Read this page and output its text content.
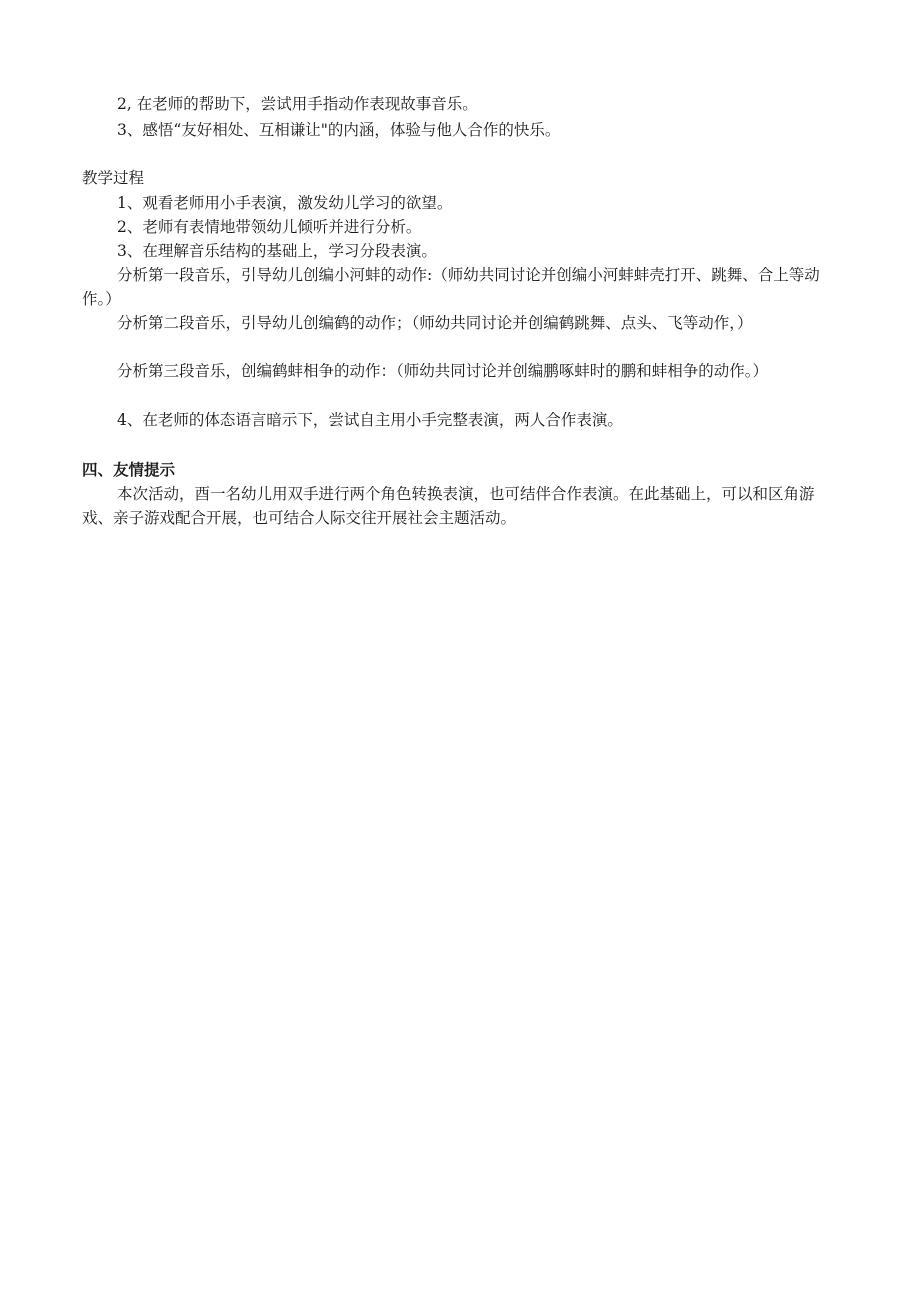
2, 在老师的帮助下，尝试用手指动作表现故事音乐。
3、感悟“友好相处、互相谦让"的内涵，体验与他人合作的快乐。
教学过程
1、观看老师用小手表演，激发幼儿学习的欲望。
2、老师有表情地带领幼儿倾听并进行分析。
3、在理解音乐结构的基础上，学习分段表演。
分析第一段音乐，引导幼儿创编小河蚌的动作:（师幼共同讨论并创编小河蚌蚌壳打开、跳舞、合上等动作。）
分析第二段音乐，引导幼儿创编鹤的动作；（师幼共同讨论并创编鹤跳舞、点头、飞等动作，）
分析第三段音乐，创编鹤蚌相争的动作：（师幼共同讨论并创编鹏啄蚌时的鹏和蚌相争的动作。）
4、在老师的体态语言暗示下，尝试自主用小手完整表演，两人合作表演。
四、友情提示
本次活动，酉一名幼儿用双手进行两个角色转换表演，也可结伴合作表演。在此基础上，可以和区角游戏、亲子游戏配合开展，也可结合人际交往开展社会主题活动。
